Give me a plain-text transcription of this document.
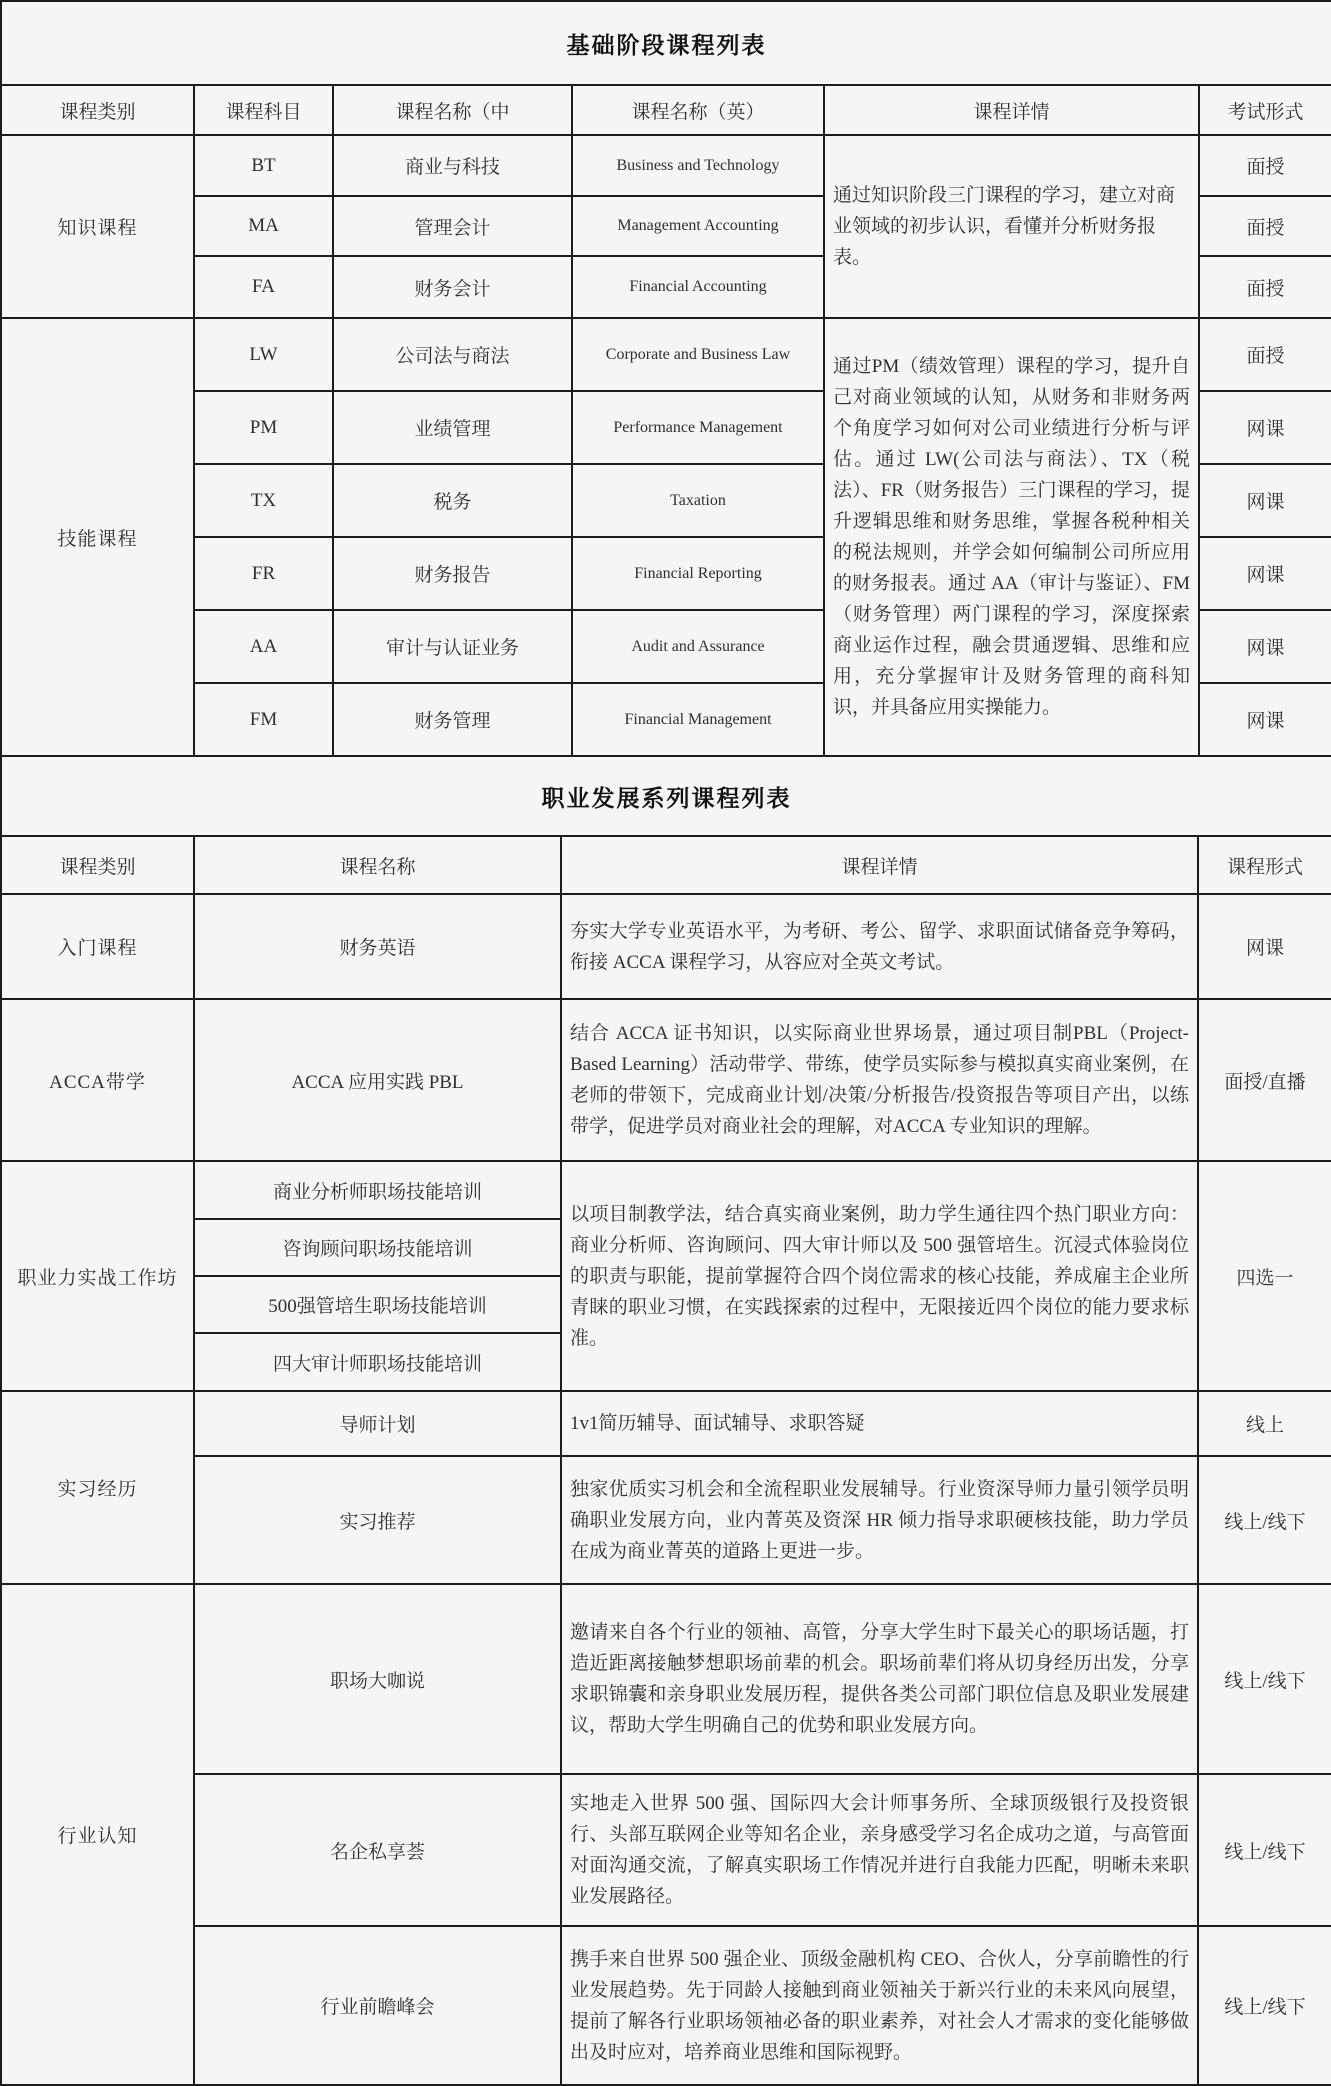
基础阶段课程列表					
课程类别	课程科目	课程名称（中	课程名称（英）	课程详情	考试形式
知识课程	BT	商业与科技	Business and Technology	通过知识阶段三门课程的学习，建立对商业领域的初步认识，看懂并分析财务报表。	面授
	MA	管理会计	Management Accounting		面授
	FA	财务会计	Financial Accounting		面授
技能课程	LW	公司法与商法	Corporate and Business Law	通过PM（绩效管理）课程的学习，提升自己对商业领域的认知，从财务和非财务两个角度学习如何对公司业绩进行分析与评估。通过 LW(公司法与商法）、TX（税法）、FR（财务报告）三门课程的学习，提升逻辑思维和财务思维，掌握各税种相关的税法规则，并学会如何编制公司所应用的财务报表。通过 AA（审计与鉴证）、FM（财务管理）两门课程的学习，深度探索商业运作过程，融会贯通逻辑、思维和应用，充分掌握审计及财务管理的商科知识，并具备应用实操能力。	面授
	PM	业绩管理	Performance Management		网课
	TX	税务	Taxation		网课
	FR	财务报告	Financial Reporting		网课
	AA	审计与认证业务	Audit and Assurance		网课
	FM	财务管理	Financial Management		网课
职业发展系列课程列表			
课程类别	课程名称	课程详情	课程形式
入门课程	财务英语	夯实大学专业英语水平，为考研、考公、留学、求职面试储备竞争筹码，衔接 ACCA 课程学习，从容应对全英文考试。	网课
ACCA带学	ACCA 应用实践 PBL	结合 ACCA 证书知识，以实际商业世界场景，通过项目制PBL（Project-Based Learning）活动带学、带练，使学员实际参与模拟真实商业案例，在老师的带领下，完成商业计划/决策/分析报告/投资报告等项目产出，以练带学，促进学员对商业社会的理解，对ACCA 专业知识的理解。	面授/直播
职业力实战工作坊	商业分析师职场技能培训	以项目制教学法，结合真实商业案例，助力学生通往四个热门职业方向：商业分析师、咨询顾问、四大审计师以及 500 强管培生。沉浸式体验岗位的职责与职能，提前掌握符合四个岗位需求的核心技能，养成雇主企业所青睐的职业习惯，在实践探索的过程中，无限接近四个岗位的能力要求标准。	四选一
	咨询顾问职场技能培训		
	500强管培生职场技能培训		
	四大审计师职场技能培训		
实习经历	导师计划	1v1简历辅导、面试辅导、求职答疑	线上
	实习推荐	独家优质实习机会和全流程职业发展辅导。行业资深导师力量引领学员明确职业发展方向，业内菁英及资深 HR 倾力指导求职硬核技能，助力学员在成为商业菁英的道路上更进一步。	线上/线下
行业认知	职场大咖说	邀请来自各个行业的领袖、高管，分享大学生时下最关心的职场话题，打造近距离接触梦想职场前辈的机会。职场前辈们将从切身经历出发，分享求职锦囊和亲身职业发展历程，提供各类公司部门职位信息及职业发展建议，帮助大学生明确自己的优势和职业发展方向。	线上/线下
	名企私享荟	实地走入世界 500 强、国际四大会计师事务所、全球顶级银行及投资银行、头部互联网企业等知名企业，亲身感受学习名企成功之道，与高管面对面沟通交流，了解真实职场工作情况并进行自我能力匹配，明晰未来职业发展路径。	线上/线下
	行业前瞻峰会	携手来自世界 500 强企业、顶级金融机构 CEO、合伙人，分享前瞻性的行业发展趋势。先于同龄人接触到商业领袖关于新兴行业的未来风向展望，提前了解各行业职场领袖必备的职业素养，对社会人才需求的变化能够做出及时应对，培养商业思维和国际视野。	线上/线下
